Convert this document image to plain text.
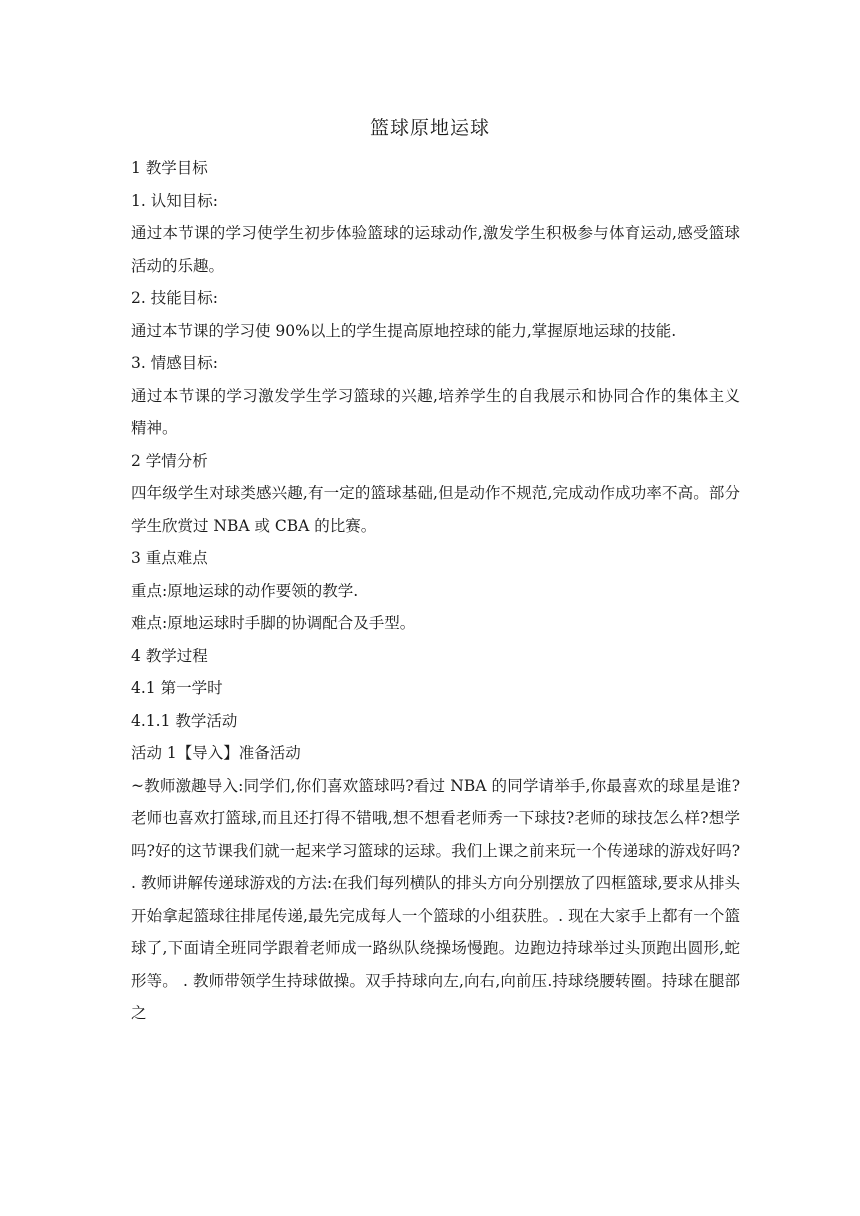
篮球原地运球

1 教学目标

1. 认知目标:

通过本节课的学习使学生初步体验篮球的运球动作,激发学生积极参与体育运动,感受篮球活动的乐趣。

2. 技能目标:

通过本节课的学习使 90%以上的学生提高原地控球的能力,掌握原地运球的技能.

3. 情感目标:

通过本节课的学习激发学生学习篮球的兴趣,培养学生的自我展示和协同合作的集体主义精神。

2 学情分析

四年级学生对球类感兴趣,有一定的篮球基础,但是动作不规范,完成动作成功率不高。部分学生欣赏过 NBA 或 CBA 的比赛。

3 重点难点

重点:原地运球的动作要领的教学.

难点:原地运球时手脚的协调配合及手型。

4 教学过程

4.1 第一学时

4.1.1 教学活动

活动 1【导入】准备活动

~教师激趣导入:同学们,你们喜欢篮球吗?看过 NBA 的同学请举手,你最喜欢的球星是谁?老师也喜欢打篮球,而且还打得不错哦,想不想看老师秀一下球技?老师的球技怎么样?想学吗?好的这节课我们就一起来学习篮球的运球。我们上课之前来玩一个传递球的游戏好吗? . 教师讲解传递球游戏的方法:在我们每列横队的排头方向分别摆放了四框篮球,要求从排头开始拿起篮球往排尾传递,最先完成每人一个篮球的小组获胜。. 现在大家手上都有一个篮球了,下面请全班同学跟着老师成一路纵队绕操场慢跑。边跑边持球举过头顶跑出圆形,蛇形等。 . 教师带领学生持球做操。双手持球向左,向右,向前压.持球绕腰转圈。持球在腿部之
